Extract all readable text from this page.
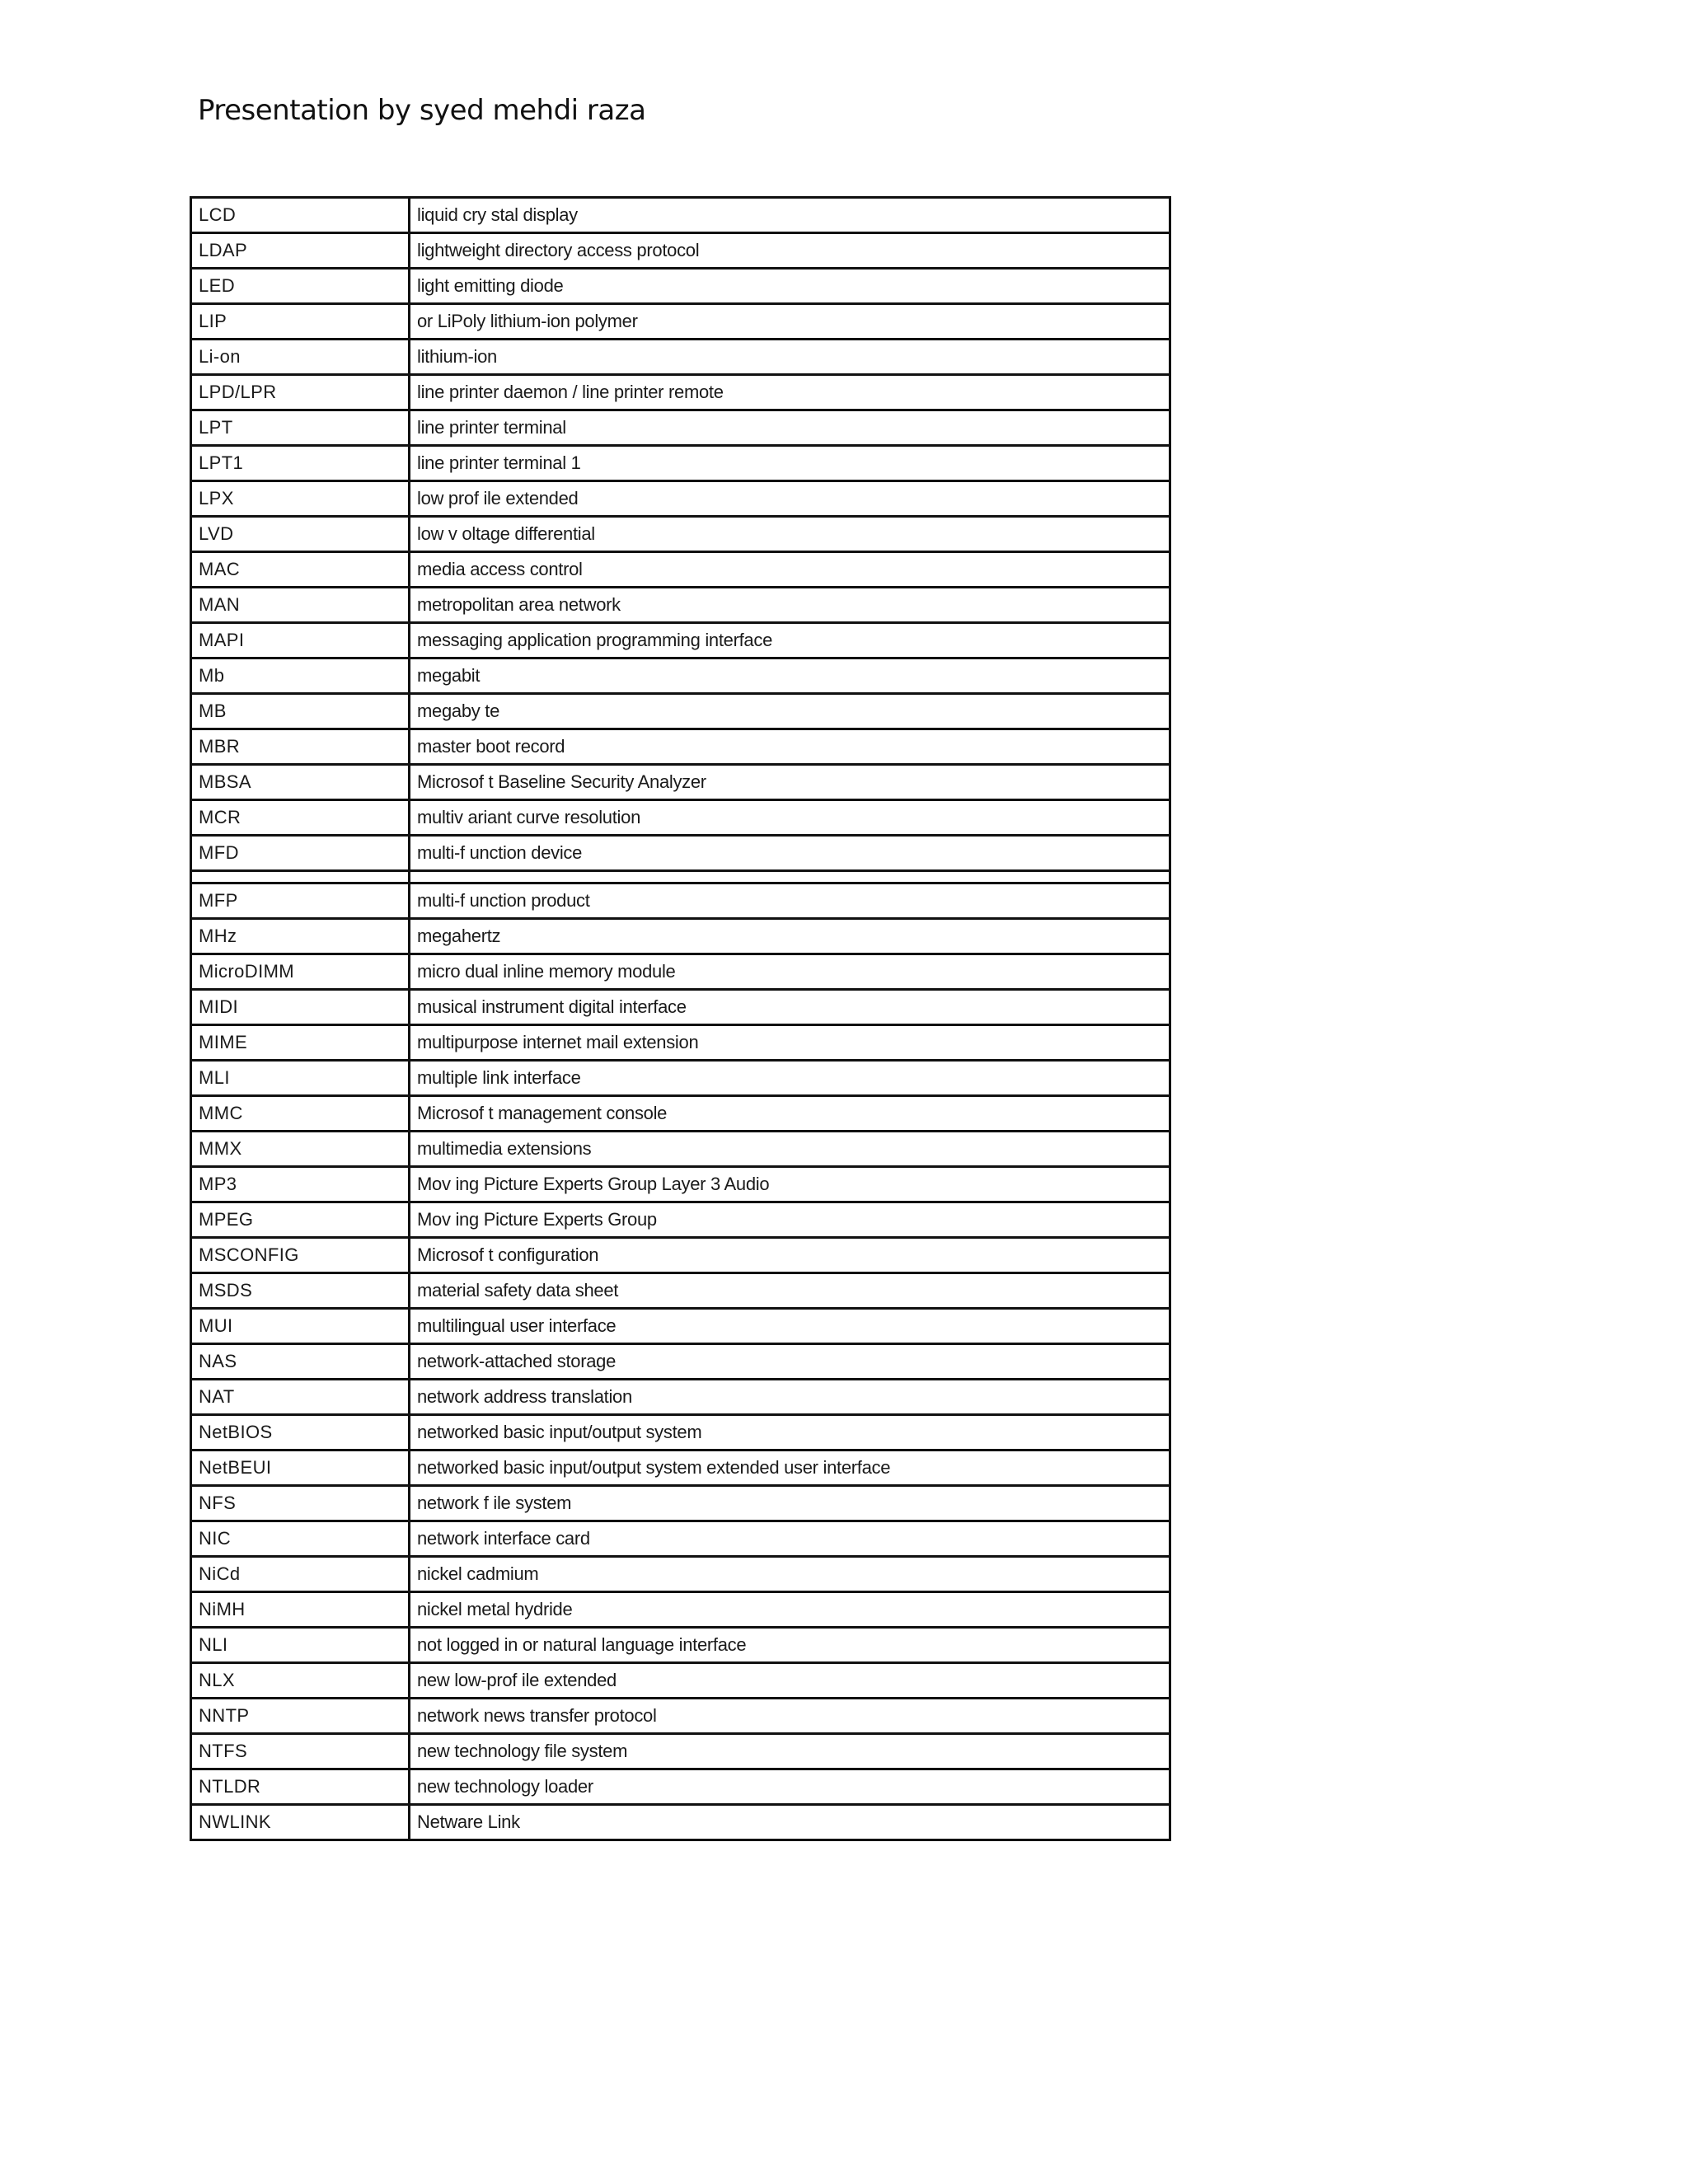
Presentation by syed mehdi raza
LCD	liquid cry stal display
LDAP	lightweight directory access protocol
LED	light emitting diode
LIP	or LiPoly lithium-ion polymer
Li-on	lithium-ion
LPD/LPR	line printer daemon / line printer remote
LPT	line printer terminal
LPT1	line printer terminal 1
LPX	low prof ile extended
LVD	low v oltage differential
MAC	media access control
MAN	metropolitan area network
MAPI	messaging application programming interface
Mb	megabit
MB	megaby te
MBR	master boot record
MBSA	Microsof t Baseline Security Analyzer
MCR	multiv ariant curve resolution
MFD	multi-f unction device

MFP	multi-f unction product
MHz	megahertz
MicroDIMM	micro dual inline memory module
MIDI	musical instrument digital interface
MIME	multipurpose internet mail extension
MLI	multiple link interface
MMC	Microsof t management console
MMX	multimedia extensions
MP3	Mov ing Picture Experts Group Layer 3 Audio
MPEG	Mov ing Picture Experts Group
MSCONFIG	Microsof t configuration
MSDS	material safety data sheet
MUI	multilingual user interface
NAS	network-attached storage
NAT	network address translation
NetBIOS	networked basic input/output system
NetBEUI	networked basic input/output system extended user interface
NFS	network f ile system
NIC	network interface card
NiCd	nickel cadmium
NiMH	nickel metal hydride
NLI	not logged in or natural language interface
NLX	new low-prof ile extended
NNTP	network news transfer protocol
NTFS	new technology file system
NTLDR	new technology loader
NWLINK	Netware Link
